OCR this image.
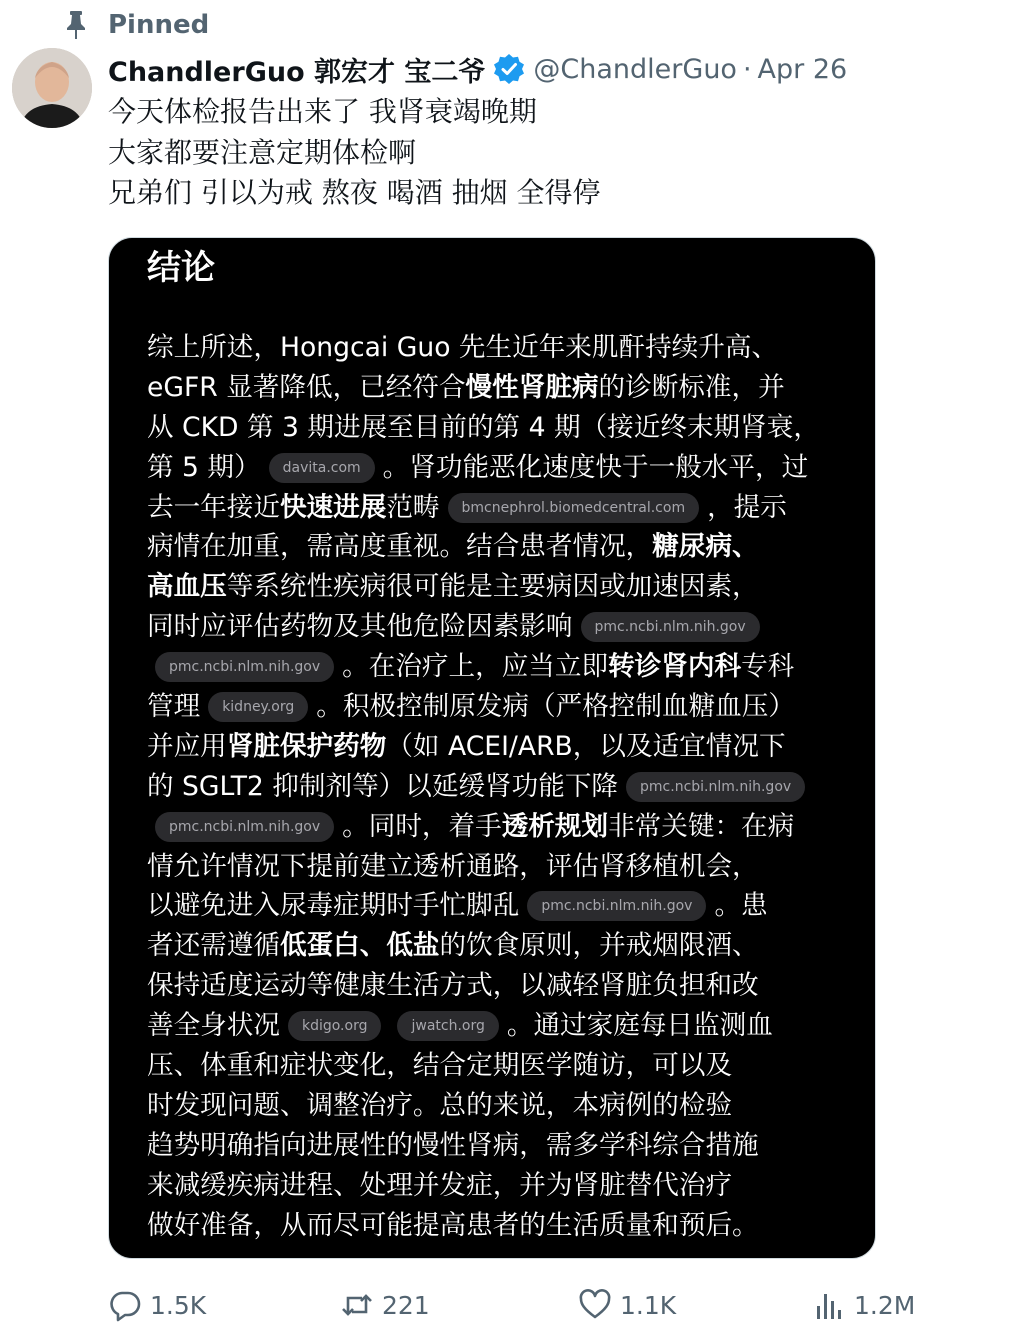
Pinned
ChandlerGuo 郭宏才 宝二爷 @ChandlerGuo · Apr 26
今天体检报告出来了 我肾衰竭晚期
大家都要注意定期体检啊
兄弟们 引以为戒 熬夜 喝酒 抽烟 全得停
结论
综上所述，Hongcai Guo 先生近年来肌酐持续升高、
eGFR 显著降低，已经符合 慢性肾脏病 的诊断标准，并
从 CKD 第 3 期进展至目前的第 4 期（接近终末期肾衰，
第 5 期）	davita.com 。肾功能恶化速度快于一般水平，过
去一年接近 快速进展 范畴	bmcnephrol.biomedcentral.com ，提示
病情在加重，需高度重视。结合患者情况， 糖尿病、
高血压 等系统性疾病很可能是主要病因或加速因素，
同时应评估药物及其他危险因素影响	pmc.ncbi.nlm.nih.gov
pmc.ncbi.nlm.nih.gov 。在治疗上，应当立即 转诊肾内科 专科
管理	kidney.org 。积极控制原发病（严格控制血糖血压）
并应用 肾脏保护药物 （如 ACEI/ARB，以及适宜情况下
的 SGLT2 抑制剂等）以延缓肾功能下降	pmc.ncbi.nlm.nih.gov
pmc.ncbi.nlm.nih.gov 。同时，着手 透析规划 非常关键：在病
情允许情况下提前建立透析通路，评估肾移植机会，
以避免进入尿毒症期时手忙脚乱	pmc.ncbi.nlm.nih.gov 。患
者还需遵循 低蛋白、低盐 的饮食原则，并戒烟限酒、
保持适度运动等健康生活方式，以减轻肾脏负担和改
善全身状况	kdigo.org	jwatch.org 。通过家庭每日监测血
压、体重和症状变化，结合定期医学随访，可以及
时发现问题、调整治疗。总的来说，本病例的检验
趋势明确指向进展性的慢性肾病，需多学科综合措施
来减缓疾病进程、处理并发症，并为肾脏替代治疗
做好准备，从而尽可能提高患者的生活质量和预后。
1.5K	221	1.1K	1.2M
